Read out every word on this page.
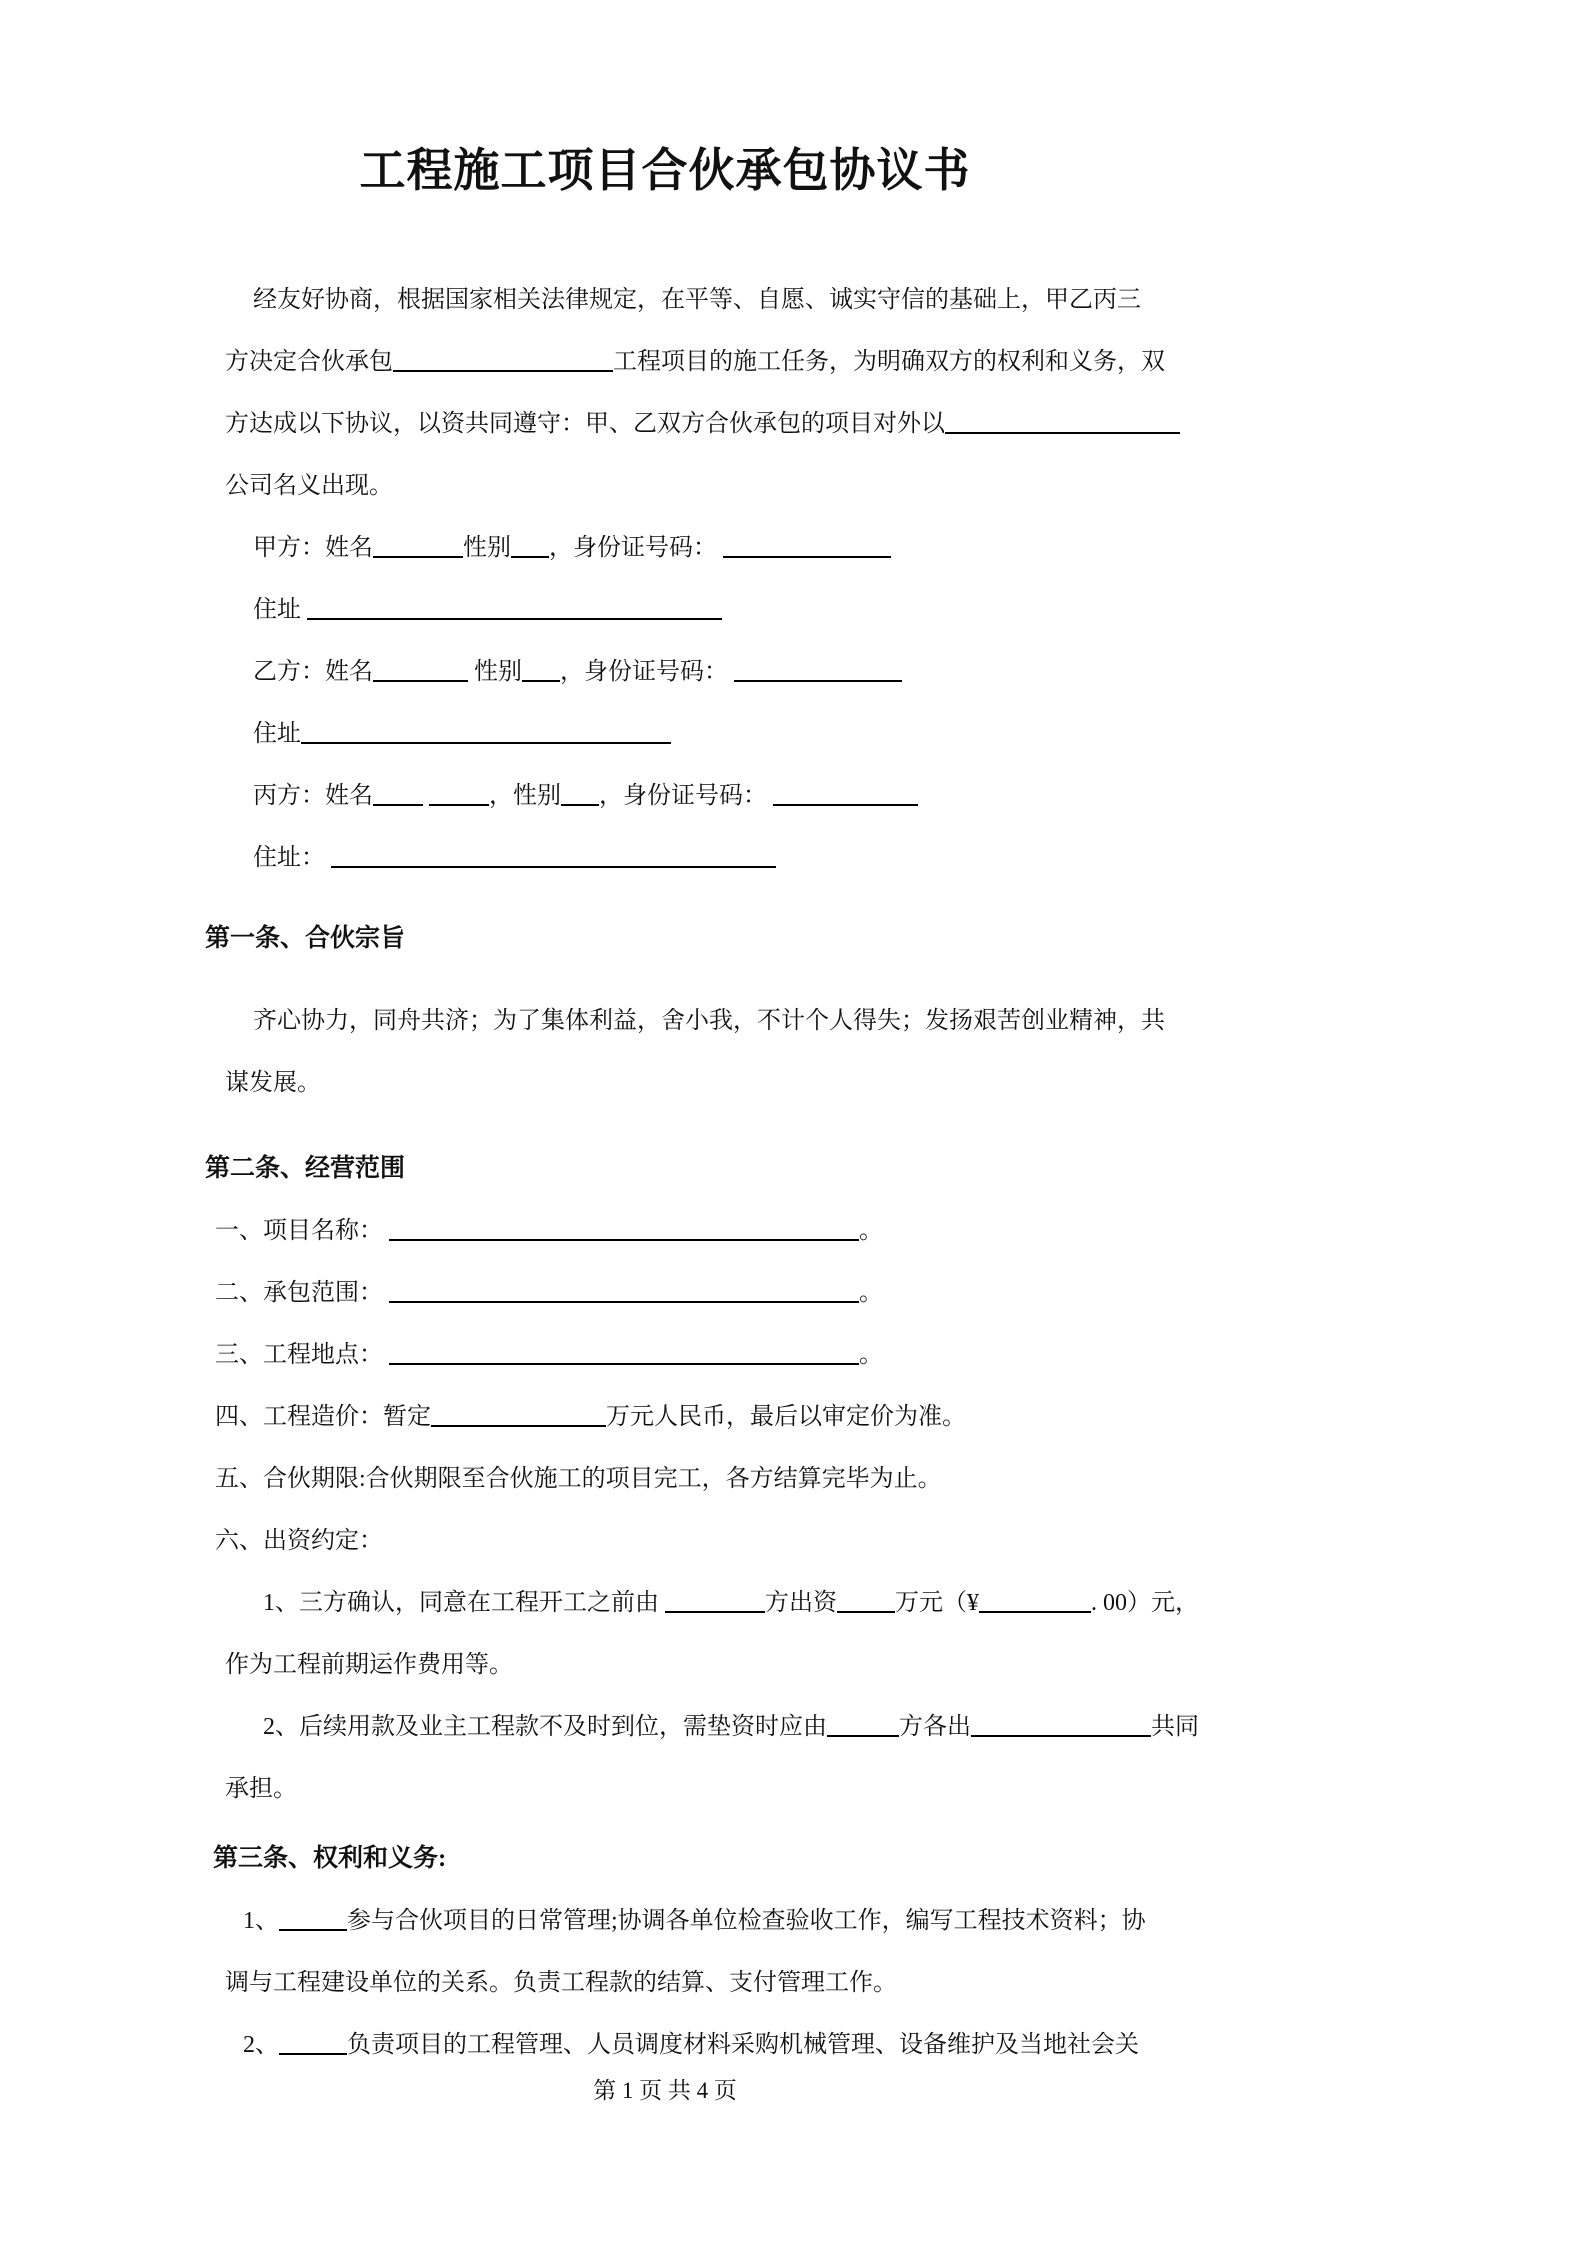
工程施工项目合伙承包协议书
经友好协商，根据国家相关法律规定，在平等、自愿、诚实守信的基础上，甲乙丙三
方决定合伙承包	工程项目的施工任务，为明确双方的权利和义务，双
方达成以下协议，以资共同遵守：甲、乙双方合伙承包的项目对外以
公司名义出现。
甲方：姓名	性别 ，身份证号码：
住址
乙方：姓名	性别 ，身份证号码：
住址
丙方：姓名	，性别 ，身份证号码：
住址：
第一条、合伙宗旨
齐心协力，同舟共济；为了集体利益，舍小我，不计个人得失；发扬艰苦创业精神，共
谋发展。
第二条、经营范围
一、项目名称：	。
二、承包范围：	。
三、工程地点：	。
四、工程造价：暂定	万元人民币，最后以审定价为准。
五、合伙期限:合伙期限至合伙施工的项目完工，各方结算完毕为止。
六、出资约定：
1、三方确认，同意在工程开工之前由	方出资 万元（¥	. 00）元，
作为工程前期运作费用等。
2、后续用款及业主工程款不及时到位，需垫资时应由	方各出	共同
承担。
第三条、权利和义务:
1、	参与合伙项目的日常管理;协调各单位检查验收工作，编写工程技术资料；协
调与工程建设单位的关系。负责工程款的结算、支付管理工作。
2、	负责项目的工程管理、人员调度材料采购机械管理、设备维护及当地社会关
第 1 页 共 4 页
